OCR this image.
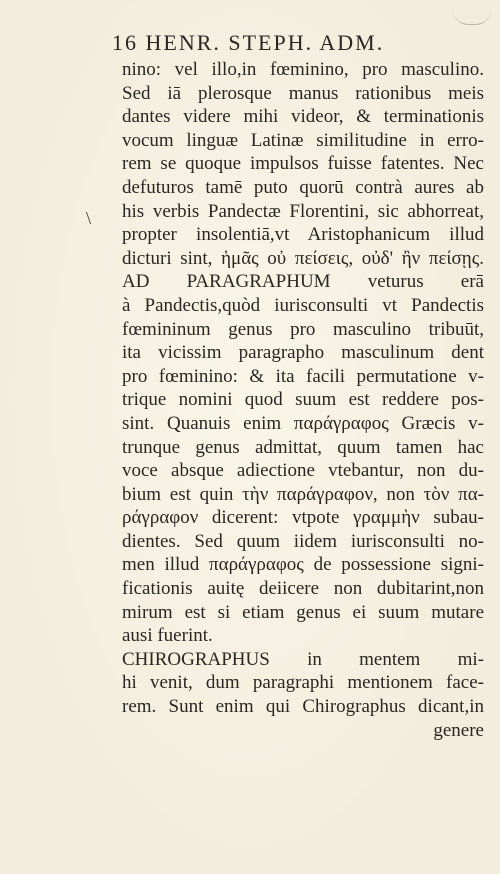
16 HENR. STEPH. ADM.
\
nino: vel illo,in fœminino, pro masculino.
Sed iā plerosque manus rationibus meis
dantes videre mihi videor, & terminationis
vocum linguæ Latinæ similitudine in erro-
rem se quoque impulsos fuisse fatentes. Nec
defuturos tamē puto quorū contrà aures ab
his verbis Pandectæ Florentini, sic abhorreat,
propter insolentiā,vt Aristophanicum illud
dicturi sint, ἡμᾶς οὐ πείσεις, οὐδ' ἢν πείσῃς.
AD PARAGRAPHUM veturus erā
à Pandectis,quòd iurisconsulti vt Pandectis
fœmininum genus pro masculino tribuūt,
ita vicissim paragrapho masculinum dent
pro fœminino: & ita facili permutatione v-
trique nomini quod suum est reddere pos-
sint. Quanuis enim παράγραφος Græcis v-
trunque genus admittat, quum tamen hac
voce absque adiectione vtebantur, non du-
bium est quin τὴν παράγραφον, non τὸν πα-
ράγραφον dicerent: vtpote γραμμὴν subau-
dientes. Sed quum iidem iurisconsulti no-
men illud παράγραφος de possessione signi-
ficationis auitę deiicere non dubitarint,non
mirum est si etiam genus ei suum mutare
ausi fuerint.
CHIROGRAPHUS in mentem mi-
hi venit, dum paragraphi mentionem face-
rem. Sunt enim qui Chirographus dicant,in
genere
